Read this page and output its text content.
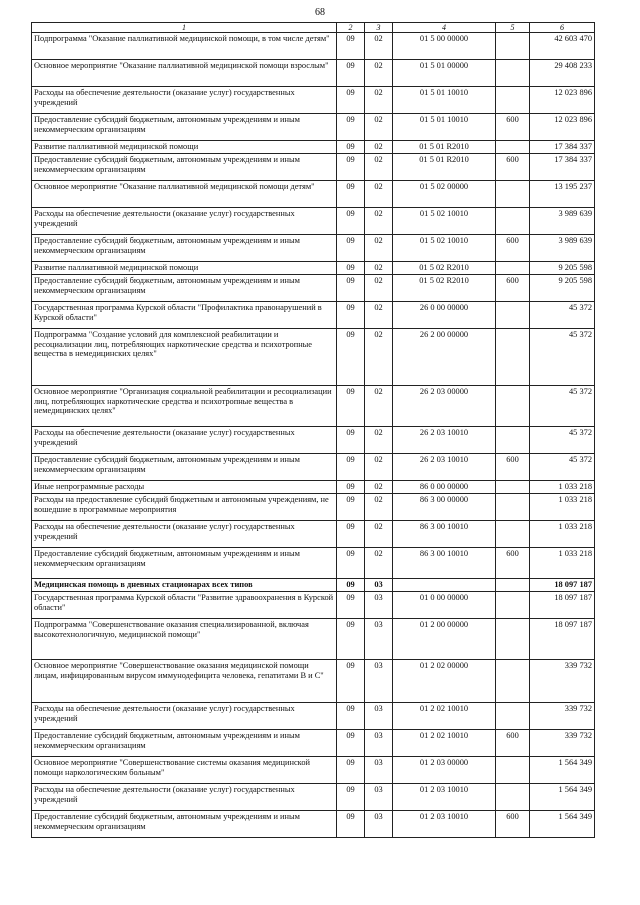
68
1	2	3	4	5	6
Подпрограмма "Оказание паллиативной медицинской помощи, в том числе детям"	09	02	01 5 00 00000		42 603 470
Основное мероприятие "Оказание паллиативной медицинской помощи взрослым"	09	02	01 5 01 00000		29 408 233
Расходы на обеспечение деятельности (оказание услуг) государственных учреждений	09	02	01 5 01 10010		12 023 896
Предоставление субсидий бюджетным, автономным учреждениям и иным некоммерческим организациям	09	02	01 5 01 10010	600	12 023 896
Развитие паллиативной медицинской помощи	09	02	01 5 01 R2010		17 384 337
Предоставление субсидий бюджетным, автономным учреждениям и иным некоммерческим организациям	09	02	01 5 01 R2010	600	17 384 337
Основное мероприятие "Оказание паллиативной медицинской помощи детям"	09	02	01 5 02 00000		13 195 237
Расходы на обеспечение деятельности (оказание услуг) государственных учреждений	09	02	01 5 02 10010		3 989 639
Предоставление субсидий бюджетным, автономным учреждениям и иным некоммерческим организациям	09	02	01 5 02 10010	600	3 989 639
Развитие паллиативной медицинской помощи	09	02	01 5 02 R2010		9 205 598
Предоставление субсидий бюджетным, автономным учреждениям и иным некоммерческим организациям	09	02	01 5 02 R2010	600	9 205 598
Государственная программа Курской области "Профилактика правонарушений в Курской области"	09	02	26 0 00 00000		45 372
Подпрограмма "Создание условий для комплексной реабилитации и ресоциализации лиц, потребляющих наркотические средства и психотропные вещества в немедицинских целях"	09	02	26 2 00 00000		45 372
Основное мероприятие "Организация социальной реабилитации и ресоциализации лиц, потребляющих наркотические средства и психотропные вещества в немедицинских целях"	09	02	26 2 03 00000		45 372
Расходы на обеспечение деятельности (оказание услуг) государственных учреждений	09	02	26 2 03 10010		45 372
Предоставление субсидий бюджетным, автономным учреждениям и иным некоммерческим организациям	09	02	26 2 03 10010	600	45 372
Иные непрограммные расходы	09	02	86 0 00 00000		1 033 218
Расходы на предоставление субсидий бюджетным и автономным учреждениям, не вошедшие в программные мероприятия	09	02	86 3 00 00000		1 033 218
Расходы на обеспечение деятельности (оказание услуг) государственных учреждений	09	02	86 3 00 10010		1 033 218
Предоставление субсидий бюджетным, автономным учреждениям и иным некоммерческим организациям	09	02	86 3 00 10010	600	1 033 218
Медицинская помощь в дневных стационарах всех типов	09	03			18 097 187
Государственная программа Курской области "Развитие здравоохранения в Курской области"	09	03	01 0 00 00000		18 097 187
Подпрограмма "Совершенствование оказания специализированной, включая высокотехнологичную, медицинской помощи"	09	03	01 2 00 00000		18 097 187
Основное мероприятие "Совершенствование оказания медицинской помощи лицам, инфицированным вирусом иммунодефицита человека, гепатитами В и С"	09	03	01 2 02 00000		339 732
Расходы на обеспечение деятельности (оказание услуг) государственных учреждений	09	03	01 2 02 10010		339 732
Предоставление субсидий бюджетным, автономным учреждениям и иным некоммерческим организациям	09	03	01 2 02 10010	600	339 732
Основное мероприятие "Совершенствование системы оказания медицинской помощи наркологическим больным"	09	03	01 2 03 00000		1 564 349
Расходы на обеспечение деятельности (оказание услуг) государственных учреждений	09	03	01 2 03 10010		1 564 349
Предоставление субсидий бюджетным, автономным учреждениям и иным некоммерческим организациям	09	03	01 2 03 10010	600	1 564 349
